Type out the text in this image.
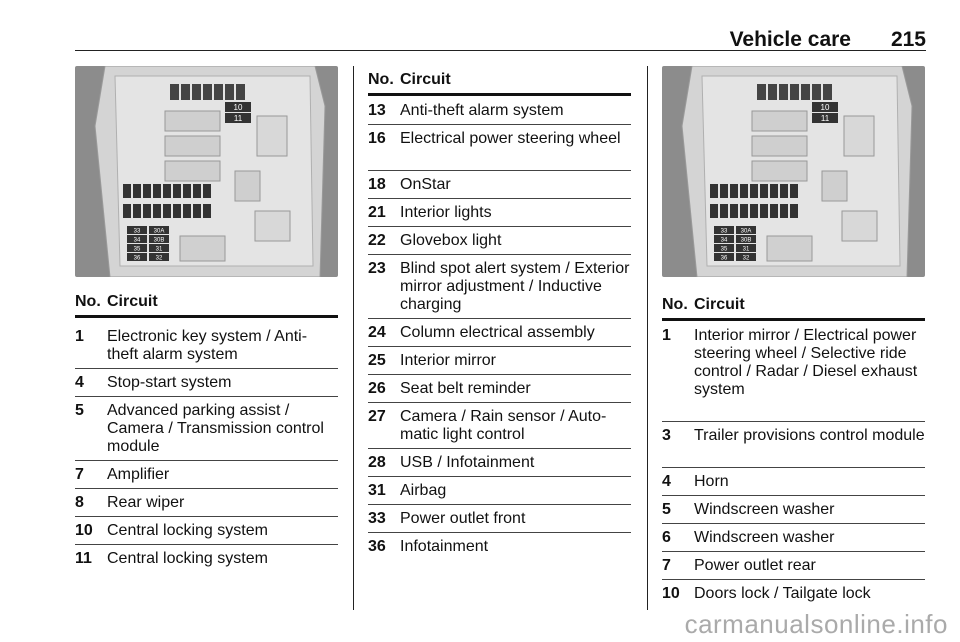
Vehicle care 215
10
11
33 30A
34 30B
35	31
36	32
10
11
33 30A
34 30B
35	31
36	32
No. Circuit
1 Electronic key system / Anti-theft alarm system
4 Stop-start system
5 Advanced parking assist / Camera / Transmission control module
7 Amplifier
8 Rear wiper
10 Central locking system
11 Central locking system
No. Circuit
13 Anti-theft alarm system
16 Electrical power steering wheel
18 OnStar
21 Interior lights
22 Glovebox light
23 Blind spot alert system / Exterior mirror adjustment / Inductive charging
24 Column electrical assembly
25 Interior mirror
26 Seat belt reminder
27 Camera / Rain sensor / Auto-matic light control
28 USB / Infotainment
31 Airbag
33 Power outlet front
36 Infotainment
No. Circuit
1 Interior mirror / Electrical power steering wheel / Selective ride control / Radar / Diesel exhaust system
3 Trailer provisions control module
4 Horn
5 Windscreen washer
6 Windscreen washer
7 Power outlet rear
10 Doors lock / Tailgate lock
carmanualsonline.info
